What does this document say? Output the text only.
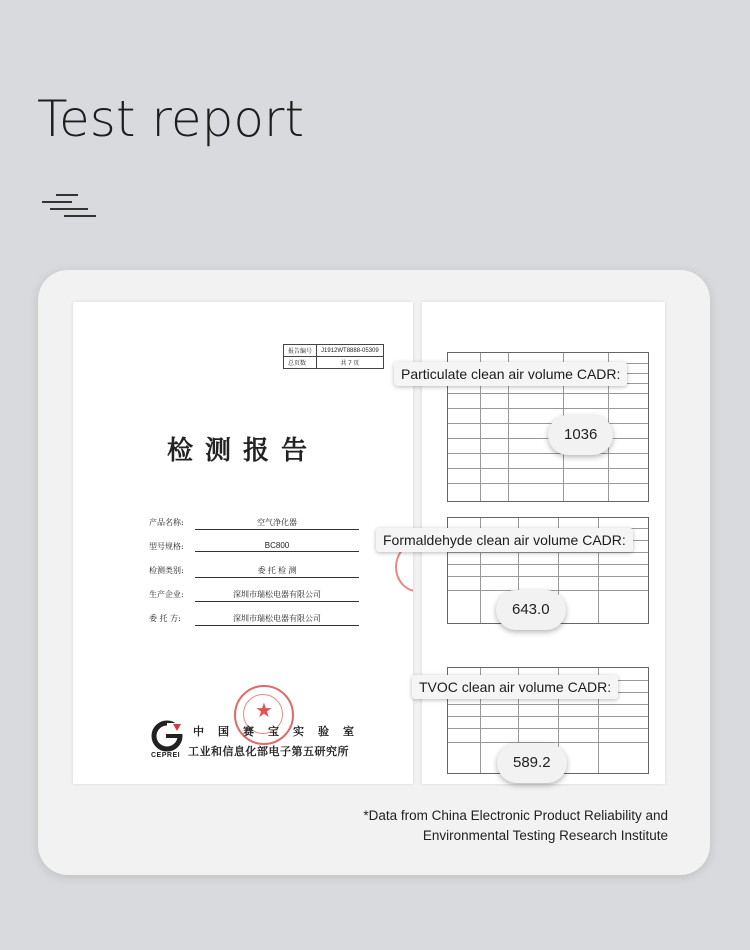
Test report
报告编号	J1912WT8888-05309
总页数	共 7 页
检测报告
产品名称:	空气净化器
型号规格:	BC800
检测类别:	委 托 检 测
生产企业:	深圳市瑞松电器有限公司
委 托 方:	深圳市瑞松电器有限公司
★
CEPREI
中国赛宝实验室
工业和信息化部电子第五研究所
Particulate clean air volume CADR:
1036
Formaldehyde clean air volume CADR:
643.0
TVOC clean air volume CADR:
589.2
*Data from China Electronic Product Reliability and
Environmental Testing Research Institute
